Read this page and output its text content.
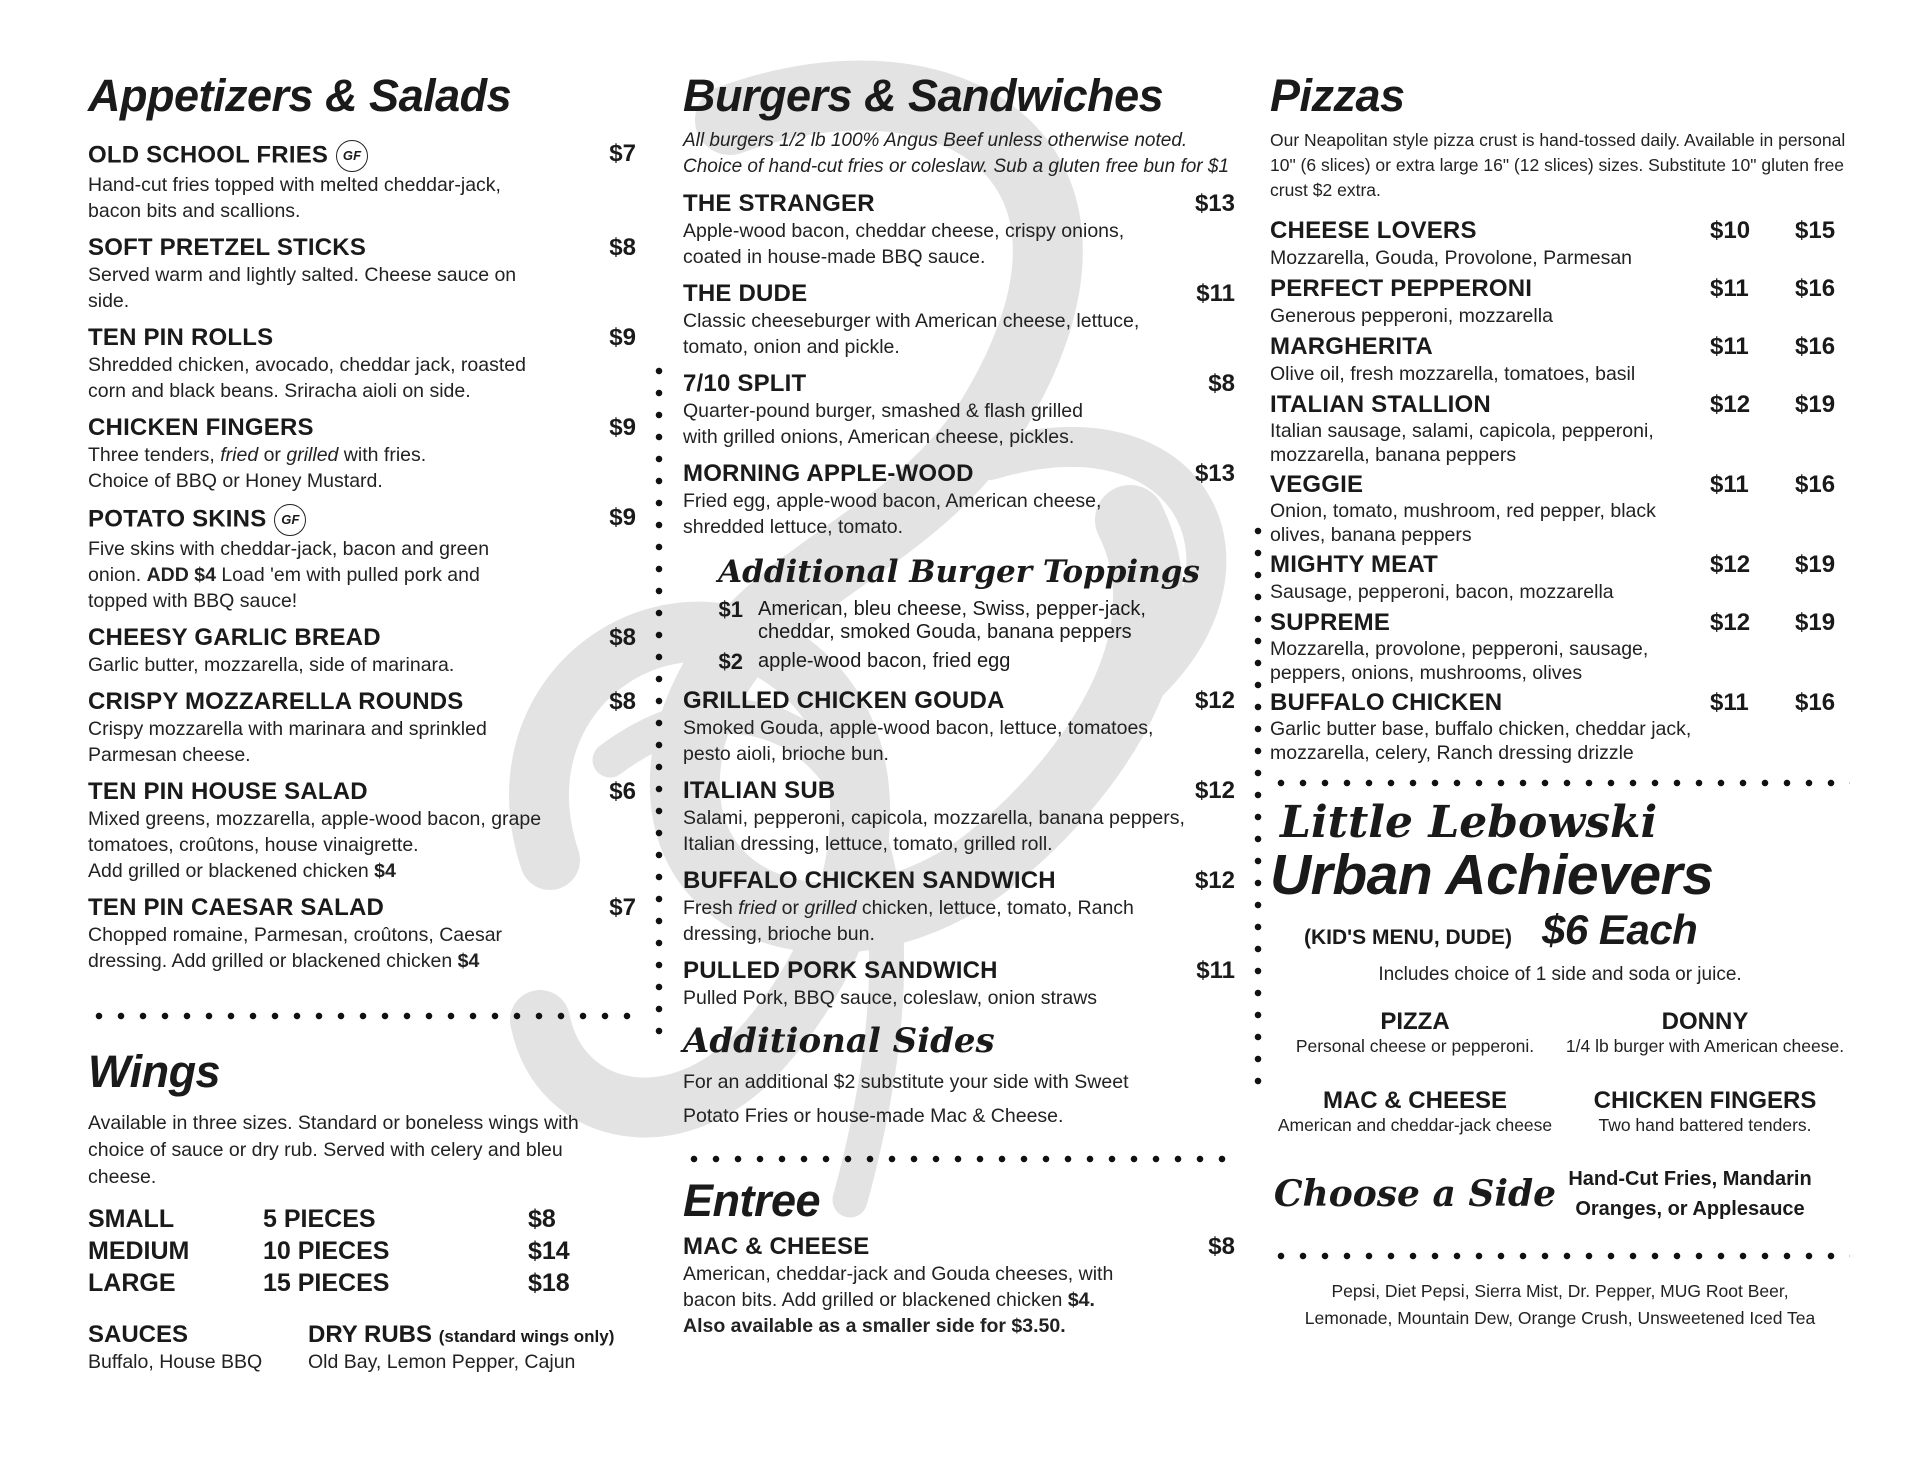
Appetizers & Salads
OLD SCHOOL FRIES GF	$7
Hand-cut fries topped with melted cheddar-jack, bacon bits and scallions.
SOFT PRETZEL STICKS	$8
Served warm and lightly salted. Cheese sauce on side.
TEN PIN ROLLS	$9
Shredded chicken, avocado, cheddar jack, roasted corn and black beans. Sriracha aioli on side.
CHICKEN FINGERS	$9
Three tenders, fried or grilled with fries. Choice of BBQ or Honey Mustard.
POTATO SKINS GF	$9
Five skins with cheddar-jack, bacon and green onion. ADD $4 Load 'em with pulled pork and topped with BBQ sauce!
CHEESY GARLIC BREAD	$8
Garlic butter, mozzarella, side of marinara.
CRISPY MOZZARELLA ROUNDS	$8
Crispy mozzarella with marinara and sprinkled Parmesan cheese.
TEN PIN HOUSE SALAD	$6
Mixed greens, mozzarella, apple-wood bacon, grape tomatoes, croûtons, house vinaigrette.
Add grilled or blackened chicken $4
TEN PIN CAESAR SALAD	$7
Chopped romaine, Parmesan, croûtons, Caesar dressing. Add grilled or blackened chicken $4
Wings
Available in three sizes. Standard or boneless wings with choice of sauce or dry rub. Served with celery and bleu cheese.
SMALL	5 PIECES	$8
MEDIUM	10 PIECES	$14
LARGE	15 PIECES	$18
SAUCES
Buffalo, House BBQ
DRY RUBS (standard wings only)
Old Bay, Lemon Pepper, Cajun
Burgers & Sandwiches
All burgers 1/2 lb 100% Angus Beef unless otherwise noted. Choice of hand-cut fries or coleslaw. Sub a gluten free bun for $1
THE STRANGER	$13
Apple-wood bacon, cheddar cheese, crispy onions, coated in house-made BBQ sauce.
THE DUDE	$11
Classic cheeseburger with American cheese, lettuce, tomato, onion and pickle.
7/10 SPLIT	$8
Quarter-pound burger, smashed & flash grilled with grilled onions, American cheese, pickles.
MORNING APPLE-WOOD	$13
Fried egg, apple-wood bacon, American cheese, shredded lettuce, tomato.
Additional Burger Toppings
$1 American, bleu cheese, Swiss, pepper-jack, cheddar, smoked Gouda, banana peppers
$2 apple-wood bacon, fried egg
GRILLED CHICKEN GOUDA	$12
Smoked Gouda, apple-wood bacon, lettuce, tomatoes, pesto aioli, brioche bun.
ITALIAN SUB	$12
Salami, pepperoni, capicola, mozzarella, banana peppers, Italian dressing, lettuce, tomato, grilled roll.
BUFFALO CHICKEN SANDWICH	$12
Fresh fried or grilled chicken, lettuce, tomato, Ranch dressing, brioche bun.
PULLED PORK SANDWICH	$11
Pulled Pork, BBQ sauce, coleslaw, onion straws
Additional Sides
For an additional $2 substitute your side with Sweet Potato Fries or house-made Mac & Cheese.
Entree
MAC & CHEESE	$8
American, cheddar-jack and Gouda cheeses, with bacon bits. Add grilled or blackened chicken $4.
Also available as a smaller side for $3.50.
Pizzas
Our Neapolitan style pizza crust is hand-tossed daily. Available in personal 10" (6 slices) or extra large 16" (12 slices) sizes. Substitute 10" gluten free crust $2 extra.
CHEESE LOVERS	$10 $15
Mozzarella, Gouda, Provolone, Parmesan
PERFECT PEPPERONI	$11 $16
Generous pepperoni, mozzarella
MARGHERITA	$11 $16
Olive oil, fresh mozzarella, tomatoes, basil
ITALIAN STALLION	$12 $19
Italian sausage, salami, capicola, pepperoni, mozzarella, banana peppers
VEGGIE	$11 $16
Onion, tomato, mushroom, red pepper, black olives, banana peppers
MIGHTY MEAT	$12 $19
Sausage, pepperoni, bacon, mozzarella
SUPREME	$12 $19
Mozzarella, provolone, pepperoni, sausage, peppers, onions, mushrooms, olives
BUFFALO CHICKEN	$11 $16
Garlic butter base, buffalo chicken, cheddar jack, mozzarella, celery, Ranch dressing drizzle
Little Lebowski
Urban Achievers
(KID'S MENU, DUDE) $6 Each
Includes choice of 1 side and soda or juice.
PIZZA
Personal cheese or pepperoni.
DONNY
1/4 lb burger with American cheese.
MAC & CHEESE
American and cheddar-jack cheese
CHICKEN FINGERS
Two hand battered tenders.
Choose a Side Hand-Cut Fries, Mandarin Oranges, or Applesauce
Pepsi, Diet Pepsi, Sierra Mist, Dr. Pepper, MUG Root Beer, Lemonade, Mountain Dew, Orange Crush, Unsweetened Iced Tea
